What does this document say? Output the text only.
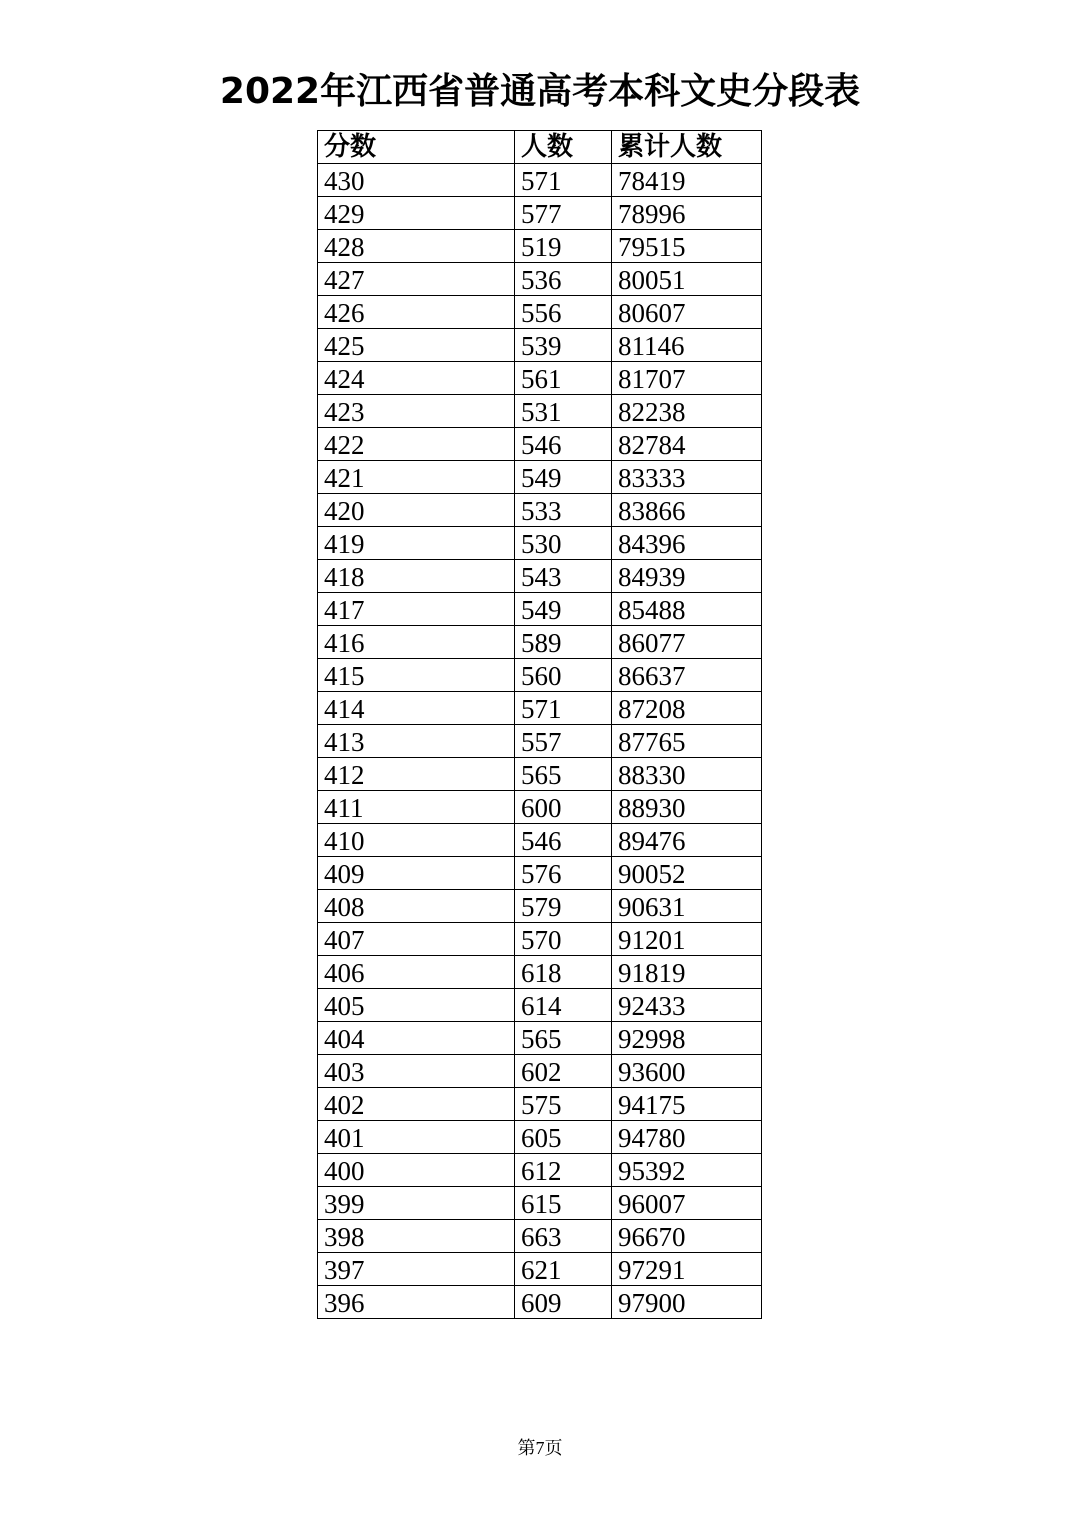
2022年江西省普通高考本科文史分段表
分数	人数	累计人数
430	571	78419
429	577	78996
428	519	79515
427	536	80051
426	556	80607
425	539	81146
424	561	81707
423	531	82238
422	546	82784
421	549	83333
420	533	83866
419	530	84396
418	543	84939
417	549	85488
416	589	86077
415	560	86637
414	571	87208
413	557	87765
412	565	88330
411	600	88930
410	546	89476
409	576	90052
408	579	90631
407	570	91201
406	618	91819
405	614	92433
404	565	92998
403	602	93600
402	575	94175
401	605	94780
400	612	95392
399	615	96007
398	663	96670
397	621	97291
396	609	97900
第7页
